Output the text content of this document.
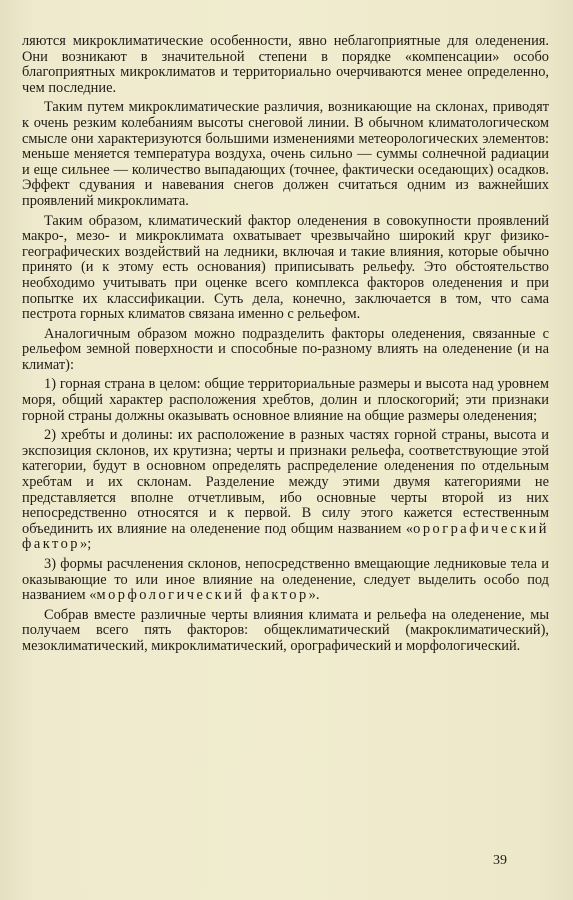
ляются микроклиматические особенности, явно неблагоприятные для оледенения. Они возникают в значительной степени в порядке «компенсации» особо благоприятных микроклиматов и территориально очерчиваются менее определенно, чем последние.

Таким путем микроклиматические различия, возникающие на склонах, приводят к очень резким колебаниям высоты снеговой линии. В обычном климатологическом смысле они характеризуются большими изменениями метеорологических элементов: меньше меняется температура воздуха, очень сильно — суммы солнечной радиации и еще сильнее — количество выпадающих (точнее, фактически оседающих) осадков. Эффект сдувания и навевания снегов должен считаться одним из важнейших проявлений микроклимата.

Таким образом, климатический фактор оледенения в совокупности проявлений макро-, мезо- и микроклимата охватывает чрезвычайно широкий круг физико-географических воздействий на ледники, включая и такие влияния, которые обычно принято (и к этому есть основания) приписывать рельефу. Это обстоятельство необходимо учитывать при оценке всего комплекса факторов оледенения и при попытке их классификации. Суть дела, конечно, заключается в том, что сама пестрота горных климатов связана именно с рельефом.

Аналогичным образом можно подразделить факторы оледенения, связанные с рельефом земной поверхности и способные по-разному влиять на оледенение (и на климат):

1) горная страна в целом: общие территориальные размеры и высота над уровнем моря, общий характер расположения хребтов, долин и плоскогорий; эти признаки горной страны должны оказывать основное влияние на общие размеры оледенения;

2) хребты и долины: их расположение в разных частях горной страны, высота и экспозиция склонов, их крутизна; черты и признаки рельефа, соответствующие этой категории, будут в основном определять распределение оледенения по отдельным хребтам и их склонам. Разделение между этими двумя категориями не представляется вполне отчетливым, ибо основные черты второй из них непосредственно относятся и к первой. В силу этого кажется естественным объединить их влияние на оледенение под общим названием «орографический фактор»;

3) формы расчленения склонов, непосредственно вмещающие ледниковые тела и оказывающие то или иное влияние на оледенение, следует выделить особо под названием «морфологический фактор».

Собрав вместе различные черты влияния климата и рельефа на оледенение, мы получаем всего пять факторов: общеклиматический (макроклиматический), мезоклиматический, микроклиматический, орографический и морфологический.

39
